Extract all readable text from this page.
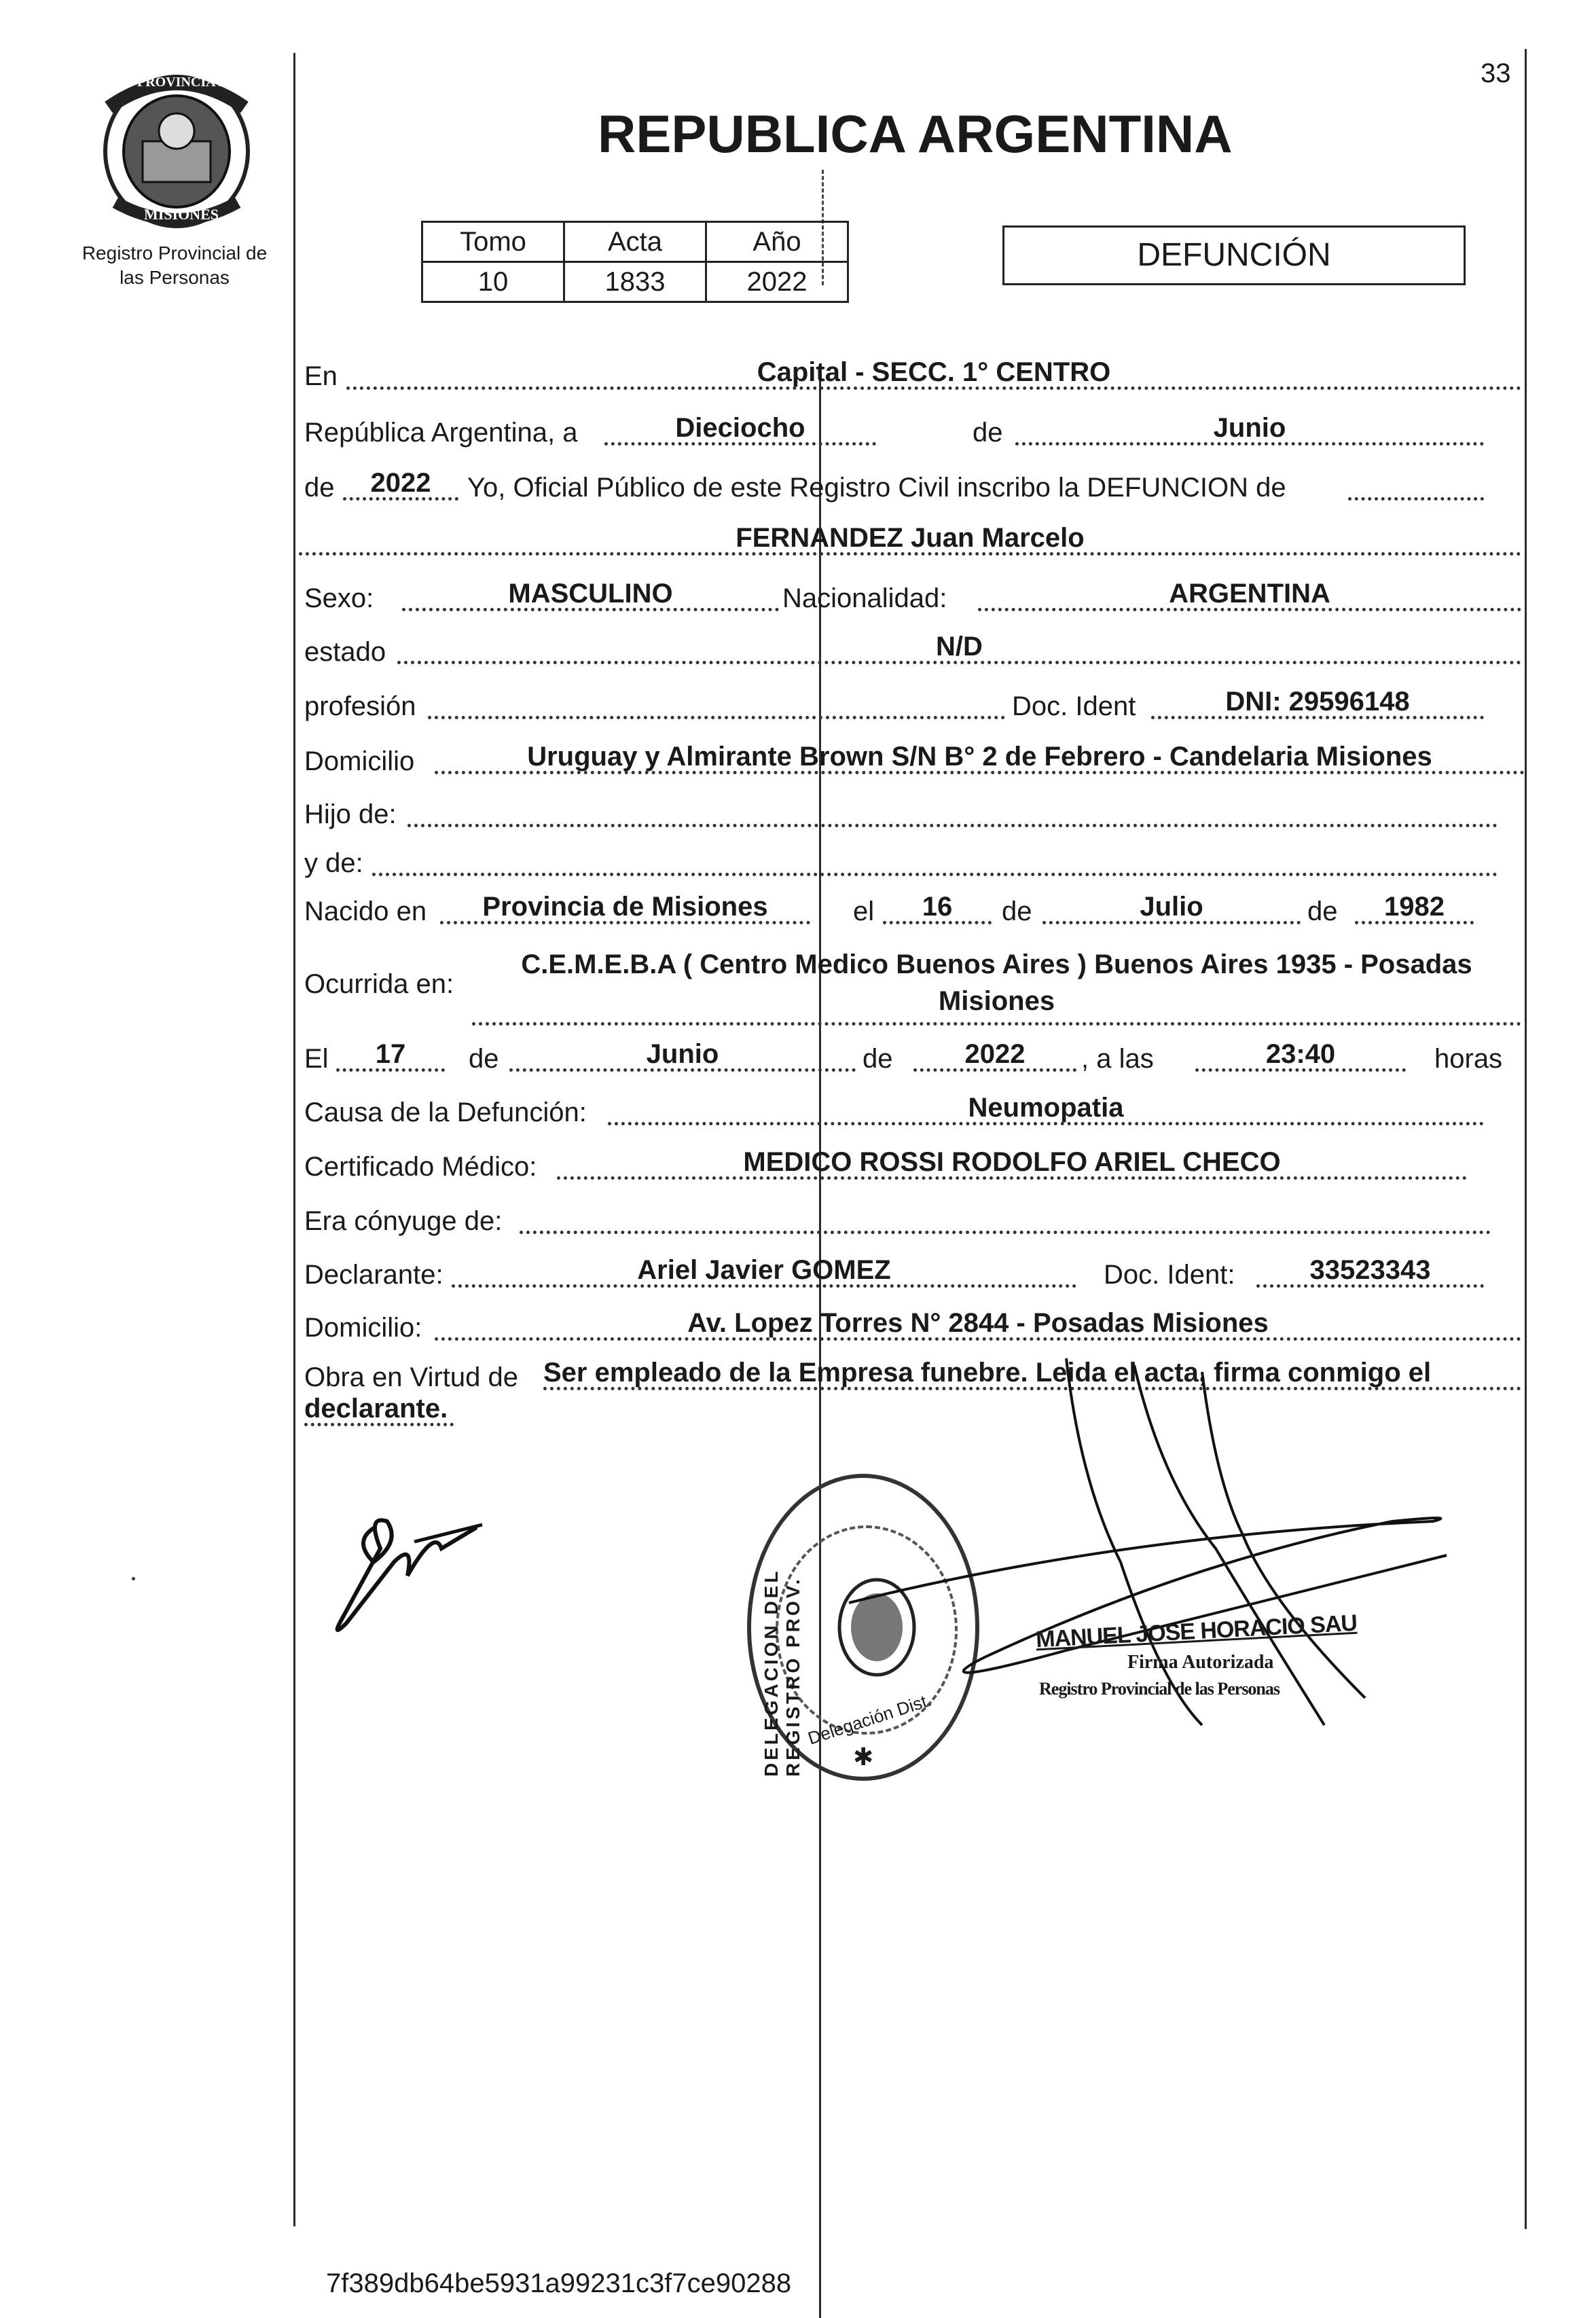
33
PROVINCIA DE
MISIONES
Registro Provincial de
las Personas
REPUBLICA ARGENTINA
Tomo	Acta	Año
10	1833	2022
DEFUNCIÓN
En	Capital - SECC. 1° CENTRO
República Argentina, a	Dieciocho	de	Junio
de	2022	Yo, Oficial Público de este Registro Civil inscribo la DEFUNCION de
FERNANDEZ Juan Marcelo
Sexo:	MASCULINO	Nacionalidad:	ARGENTINA
estado	N/D
profesión	Doc. Ident	DNI: 29596148
Domicilio	Uruguay y Almirante Brown S/N B° 2 de Febrero - Candelaria Misiones
Hijo de:
y de:
Nacido en	Provincia de Misiones	el	16	de	Julio	de	1982
Ocurrida en:
C.E.M.E.B.A ( Centro Medico Buenos Aires ) Buenos Aires 1935 - Posadas
Misiones
El	17	de	Junio	de	2022	, a las	23:40	horas
Causa de la Defunción:	Neumopatia
Certificado Médico:	MEDICO ROSSI RODOLFO ARIEL CHECO
Era cónyuge de:
Declarante:	Ariel Javier GOMEZ	Doc. Ident:	33523343
Domicilio:	Av. Lopez Torres N° 2844 - Posadas Misiones
Obra en Virtud de Ser empleado de la Empresa funebre. Leida el acta, firma conmigo el
declarante.
DELEGACION DEL REGISTRO PROV. Delegación Dist.
✱
MANUEL JOSE HORACIO SAU
Firma Autorizada
Registro Provincial de las Personas
7f389db64be5931a99231c3f7ce90288
